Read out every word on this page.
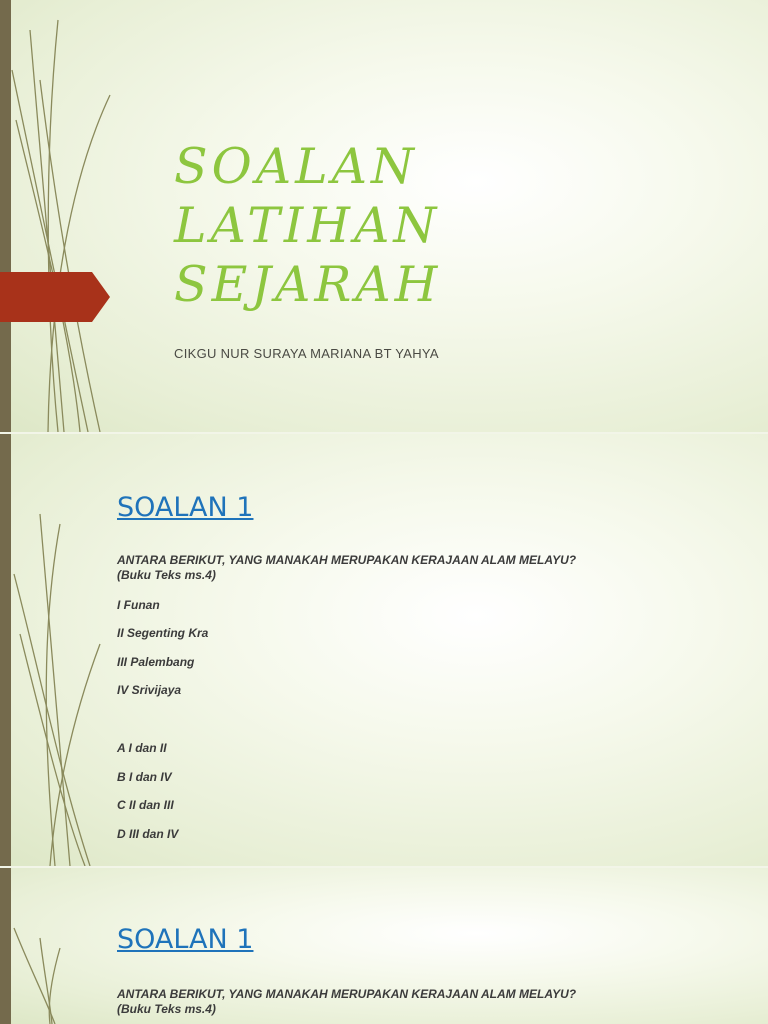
SOALAN
LATIHAN
SEJARAH
CIKGU NUR SURAYA MARIANA BT YAHYA
SOALAN 1
ANTARA BERIKUT, YANG MANAKAH MERUPAKAN KERAJAAN ALAM MELAYU?
(Buku Teks ms.4)
I Funan
II Segenting Kra
III Palembang
IV Srivijaya
A I dan II
B I dan IV
C II dan III
D III dan IV
SOALAN 1
ANTARA BERIKUT, YANG MANAKAH MERUPAKAN KERAJAAN ALAM MELAYU?
(Buku Teks ms.4)
